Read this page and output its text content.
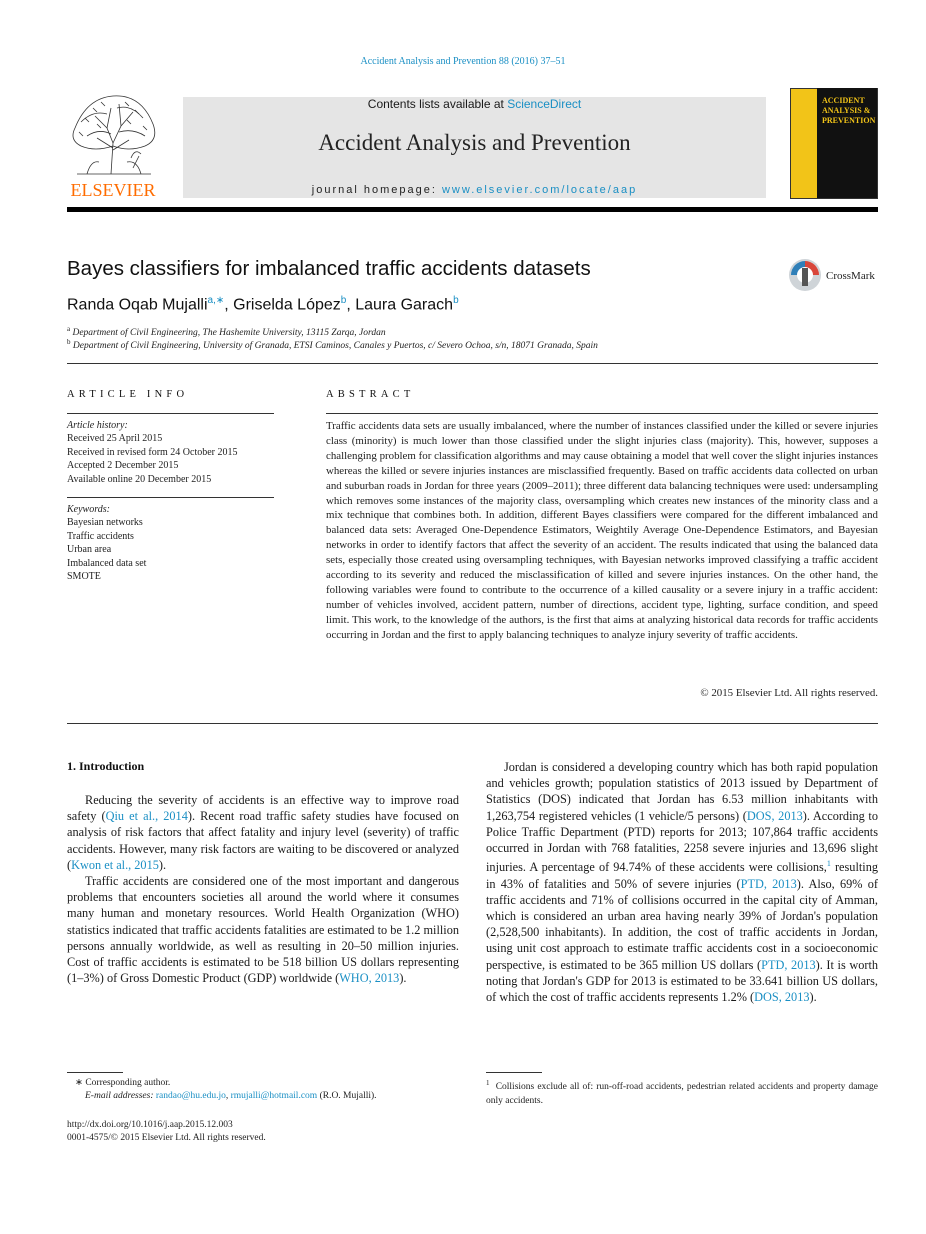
Accident Analysis and Prevention 88 (2016) 37–51
ELSEVIER
Contents lists available at ScienceDirect
Accident Analysis and Prevention
journal homepage: www.elsevier.com/locate/aap
ACCIDENT ANALYSIS & PREVENTION
Bayes classifiers for imbalanced traffic accidents datasets	CrossMark
Randa Oqab Mujalli$^{a,∗}$, Griselda López$^b$, Laura Garach$^b$
$^a$ Department of Civil Engineering, The Hashemite University, 13115 Zarqa, Jordan
$^b$ Department of Civil Engineering, University of Granada, ETSI Caminos, Canales y Puertos, c/ Severo Ochoa, s/n, 18071 Granada, Spain
ARTICLE INFO
Article history:
Received 25 April 2015
Received in revised form 24 October 2015
Accepted 2 December 2015
Available online 20 December 2015
Keywords:
Bayesian networks
Traffic accidents
Urban area
Imbalanced data set
SMOTE
ABSTRACT
Traffic accidents data sets are usually imbalanced, where the number of instances classified under the killed or severe injuries class (minority) is much lower than those classified under the slight injuries class (majority). This, however, supposes a challenging problem for classification algorithms and may cause obtaining a model that well cover the slight injuries instances whereas the killed or severe injuries instances are misclassified frequently. Based on traffic accidents data collected on urban and suburban roads in Jordan for three years (2009–2011); three different data balancing techniques were used: undersampling which removes some instances of the majority class, oversampling which creates new instances of the minority class and a mix technique that combines both. In addition, different Bayes classifiers were compared for the different imbalanced and balanced data sets: Averaged One-Dependence Estimators, Weightily Average One-Dependence Estimators, and Bayesian networks in order to identify factors that affect the severity of an accident. The results indicated that using the balanced data sets, especially those created using oversampling techniques, with Bayesian networks improved classifying a traffic accident according to its severity and reduced the misclassification of killed and severe injuries instances. On the other hand, the following variables were found to contribute to the occurrence of a killed causality or a severe injury in a traffic accident: number of vehicles involved, accident pattern, number of directions, accident type, lighting, surface condition, and speed limit. This work, to the knowledge of the authors, is the first that aims at analyzing historical data records for traffic accidents occurring in Jordan and the first to apply balancing techniques to analyze injury severity of traffic accidents.
© 2015 Elsevier Ltd. All rights reserved.
1. Introduction

Reducing the severity of accidents is an effective way to improve road safety (Qiu et al., 2014). Recent road traffic safety studies have focused on analysis of risk factors that affect fatality and injury level (severity) of traffic accidents. However, many risk factors are waiting to be discovered or analyzed (Kwon et al., 2015).

Traffic accidents are considered one of the most important and dangerous problems that encounters societies all around the world where it consumes many human and monetary resources. World Health Organization (WHO) statistics indicated that traffic accidents fatalities are estimated to be 1.2 million persons annually worldwide, as well as resulting in 20–50 million injuries. Cost of traffic accidents is estimated to be 518 billion US dollars representing (1–3%) of Gross Domestic Product (GDP) worldwide (WHO, 2013).

Jordan is considered a developing country which has both rapid population and vehicles growth; population statistics of 2013 issued by Department of Statistics (DOS) indicated that Jordan has 6.53 million inhabitants with 1,263,754 registered vehicles (1 vehicle/5 persons) (DOS, 2013). According to Police Traffic Department (PTD) reports for 2013; 107,864 traffic accidents occurred in Jordan with 768 fatalities, 2258 severe injuries and 13,696 slight injuries. A percentage of 94.74% of these accidents were collisions,$^1$ resulting in 43% of fatalities and 50% of severe injuries (PTD, 2013). Also, 69% of traffic accidents and 71% of collisions occurred in the capital city of Amman, which is considered an urban area having nearly 39% of Jordan's population (2,528,500 inhabitants). In addition, the cost of traffic accidents in Jordan, using unit cost approach to estimate traffic accidents cost in a socioeconomic perspective, is estimated to be 365 million US dollars (PTD, 2013). It is worth noting that Jordan's GDP for 2013 is estimated to be 33.641 billion US dollars, of which the cost of traffic accidents represents 1.2% (DOS, 2013).

∗ Corresponding author.
E-mail addresses: randao@hu.edu.jo, rmujalli@hotmail.com (R.O. Mujalli).
http://dx.doi.org/10.1016/j.aap.2015.12.003
0001-4575/© 2015 Elsevier Ltd. All rights reserved.
$^1$ Collisions exclude all of: run-off-road accidents, pedestrian related accidents and property damage only accidents.
